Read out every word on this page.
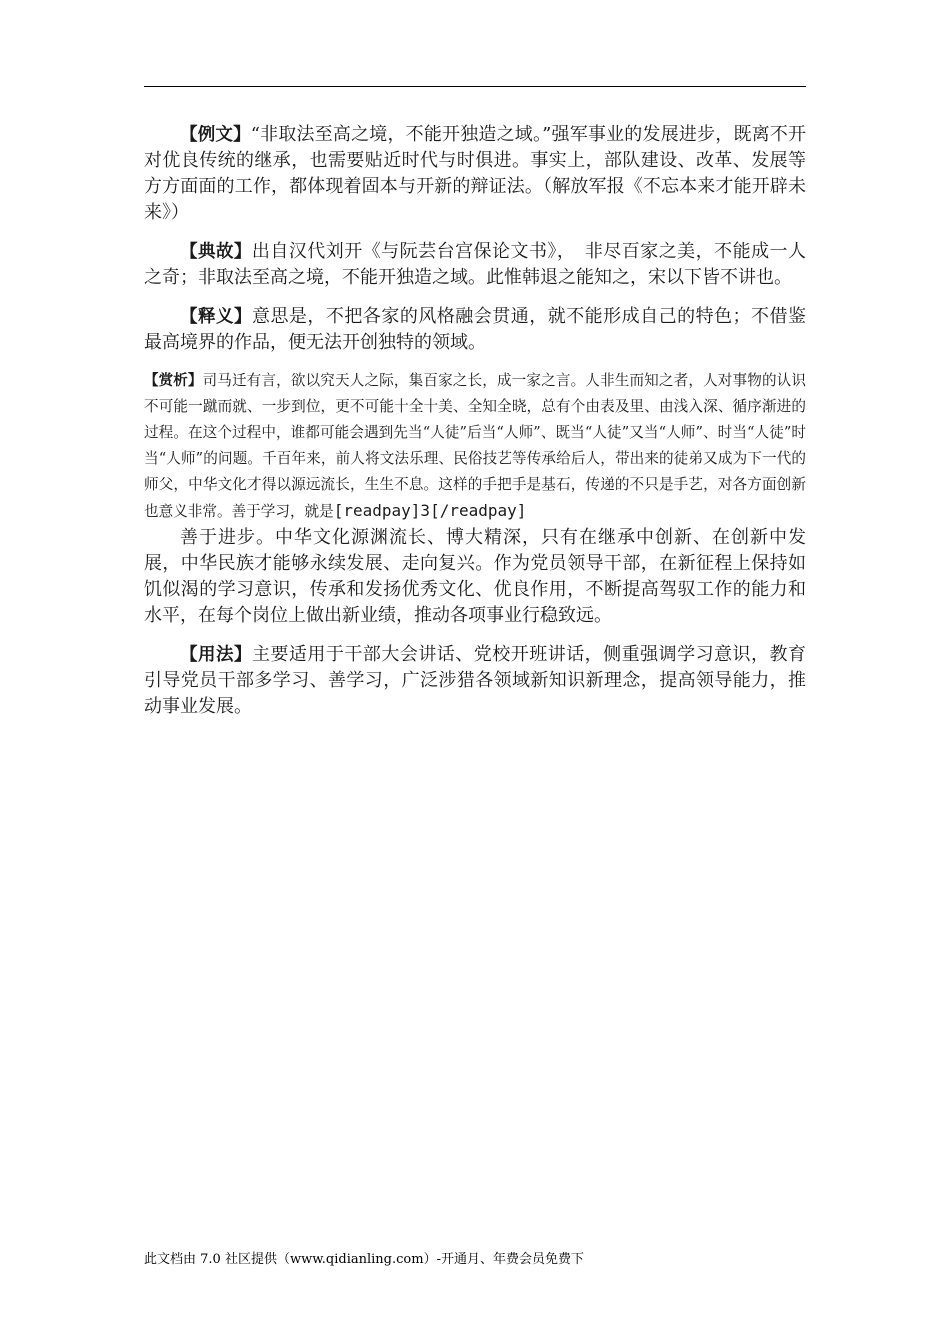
【例文】“非取法至高之境，不能开独造之域。”强军事业的发展进步，既离不开对优良传统的继承，也需要贴近时代与时俱进。事实上，部队建设、改革、发展等方方面面的工作，都体现着固本与开新的辩证法。（解放军报《不忘本来才能开辟未来》）

【典故】出自汉代刘开《与阮芸台宫保论文书》，　非尽百家之美，不能成一人之奇；非取法至高之境，不能开独造之域。此惟韩退之能知之，宋以下皆不讲也。

【释义】意思是，不把各家的风格融会贯通，就不能形成自己的特色；不借鉴最高境界的作品，便无法开创独特的领域。

【赏析】司马迁有言，欲以究天人之际，集百家之长，成一家之言。人非生而知之者，人对事物的认识不可能一蹴而就、一步到位，更不可能十全十美、全知全晓，总有个由表及里、由浅入深、循序渐进的过程。在这个过程中，谁都可能会遇到先当“人徒”后当“人师”、既当“人徒”又当“人师”、时当“人徒”时当“人师”的问题。千百年来，前人将文法乐理、民俗技艺等传承给后人，带出来的徒弟又成为下一代的师父，中华文化才得以源远流长，生生不息。这样的手把手是基石，传递的不只是手艺，对各方面创新也意义非常。善于学习，就是[readpay]3[/readpay]

善于进步。中华文化源渊流长、博大精深，只有在继承中创新、在创新中发展，中华民族才能够永续发展、走向复兴。作为党员领导干部，在新征程上保持如饥似渴的学习意识，传承和发扬优秀文化、优良作用，不断提高驾驭工作的能力和水平，在每个岗位上做出新业绩，推动各项事业行稳致远。

【用法】主要适用于干部大会讲话、党校开班讲话，侧重强调学习意识，教育引导党员干部多学习、善学习，广泛涉猎各领域新知识新理念，提高领导能力，推动事业发展。

此文档由 7.0 社区提供（www.qidianling.com）-开通月、年费会员免费下
